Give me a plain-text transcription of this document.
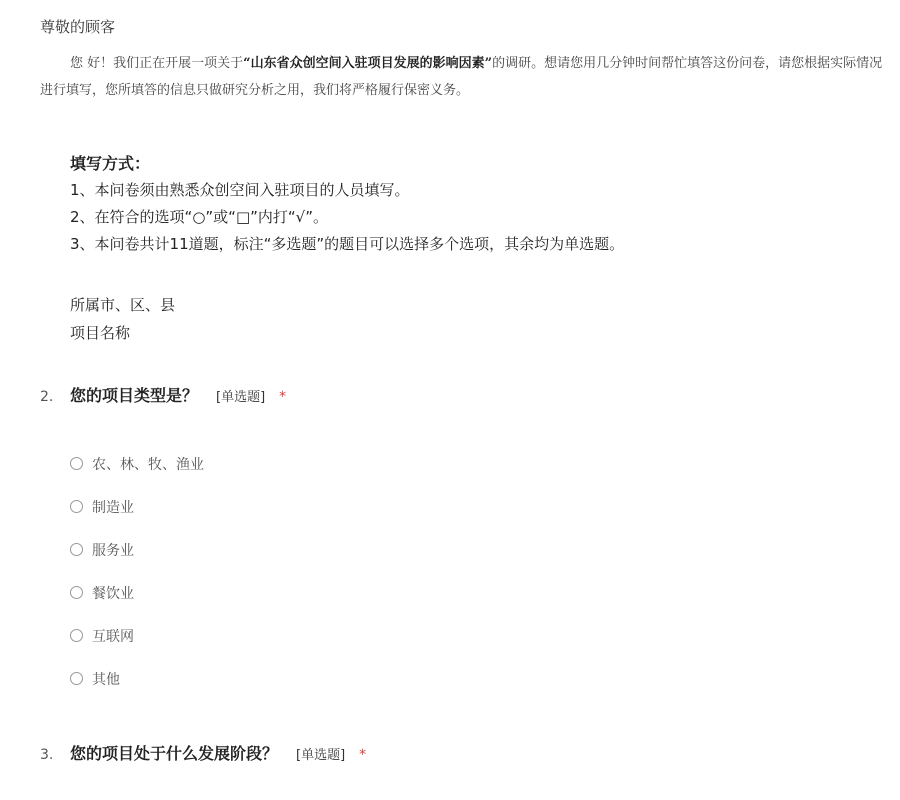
尊敬的顾客
您 好！我们正在开展一项关于“山东省众创空间入驻项目发展的影响因素”的调研。想请您用几分钟时间帮忙填答这份问卷，请您根据实际情况
进行填写，您所填答的信息只做研究分析之用，我们将严格履行保密义务。
填写方式：
1、本问卷须由熟悉众创空间入驻项目的人员填写。
2、在符合的选项“○”或“□”内打“√”。
3、本问卷共计11道题，标注“多选题”的题目可以选择多个选项，其余均为单选题。
所属市、区、县
项目名称
2.	您的项目类型是？ [单选题] *
农、林、牧、渔业
制造业
服务业
餐饮业
互联网
其他
3.	您的项目处于什么发展阶段？ [单选题] *
